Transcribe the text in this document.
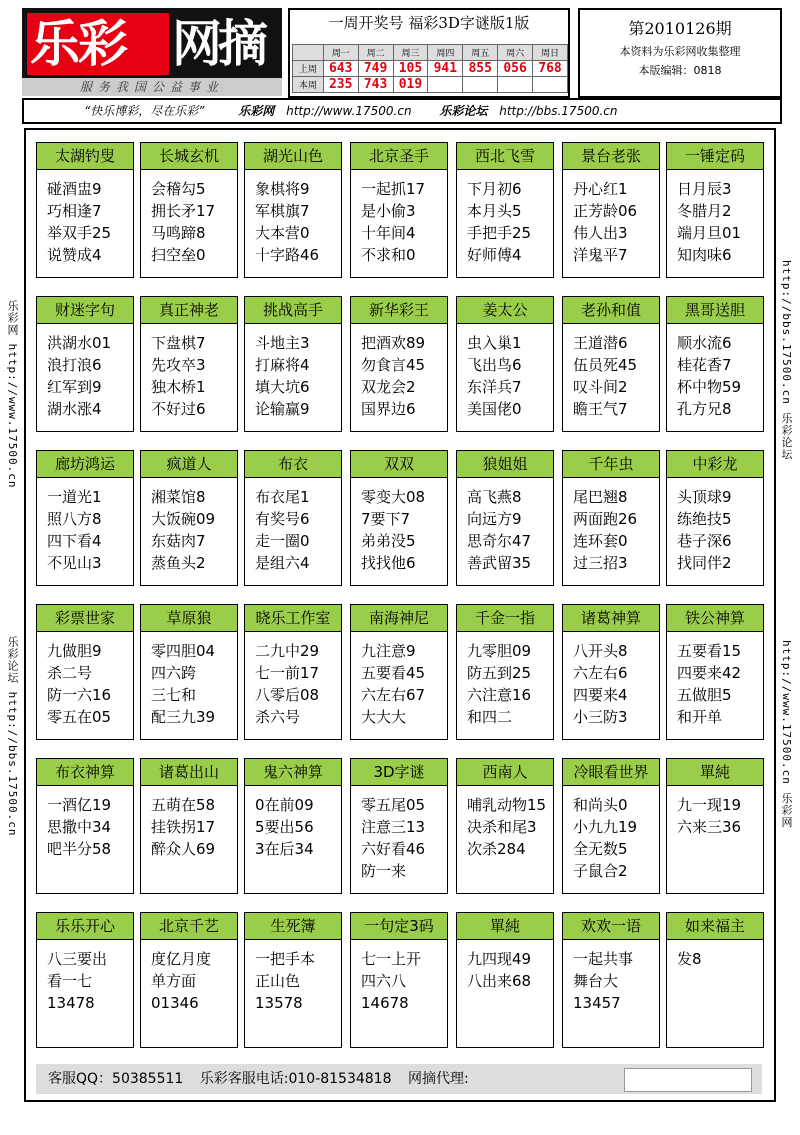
乐彩 网摘
服务我国公益事业
一周开奖号 福彩3D字谜版1版
	周一	周二	周三	周四	周五	周六	周日
上周	643	749	105	941	855	056	768
本周	235	743	019				
第2010126期
本资料为乐彩网收集整理
本版编辑：0818
“快乐博彩，尽在乐彩”	乐彩网 http://www.17500.cn 乐彩论坛 http://bbs.17500.cn
乐彩网 http://www.17500.cn
乐彩论坛 http://bbs.17500.cn
http://bbs.17500.cn 乐彩论坛
http://www.17500.cn 乐彩网
太湖钓叟
碰酒盅9
巧相逢7
举双手25
说赞成4
长城玄机
会稽勾5
拥长矛17
马鸣蹄8
扫空垒0
湖光山色
象棋将9
军棋旗7
大本营0
十字路46
北京圣手
一起抓17
是小偷3
十年间4
不求和0
西北飞雪
下月初6
本月头5
手把手25
好师傅4
景台老张
丹心红1
正芳龄06
伟人出3
洋鬼平7
一锤定码
日月辰3
冬腊月2
端月旦01
知肉味6
财迷字句
洪湖水01
浪打浪6
红军到9
湖水涨4
真正神老
下盘棋7
先攻卒3
独木桥1
不好过6
挑战高手
斗地主3
打麻将4
填大坑6
论输赢9
新华彩王
把酒欢89
勿食言45
双龙会2
国界边6
姜太公
虫入巢1
飞出鸟6
东洋兵7
美国佬0
老孙和值
王道潜6
伍员死45
叹斗间2
瞻王气7
黑哥送胆
顺水流6
桂花香7
杯中物59
孔方兄8
廊坊鸿运
一道光1
照八方8
四下看4
不见山3
疯道人
湘菜馆8
大饭碗09
东菇肉7
蒸鱼头2
布衣
布衣尾1
有奖号6
走一圈0
是组六4
双双
零变大08
7要下7
弟弟没5
找找他6
狼姐姐
高飞燕8
向远方9
思奇尔47
善武留35
千年虫
尾巴翘8
两面跑26
连环套0
过三招3
中彩龙
头顶球9
练绝技5
巷子深6
找同伴2
彩票世家
九做胆9
杀二号
防一六16
零五在05
草原狼
零四胆04
四六跨
三七和
配三九39
晓乐工作室
二九中29
七一前17
八零后08
杀六号
南海神尼
九注意9
五要看45
六左右67
大大大
千金一指
九零胆09
防五到25
六注意16
和四二
诸葛神算
八开头8
六左右6
四要来4
小三防3
铁公神算
五要看15
四要来42
五做胆5
和开单
布衣神算
一酒亿19
思撒中34
吧半分58
诸葛出山
五萌在58
挂铁拐17
醉众人69
鬼六神算
0在前09
5要出56
3在后34
3D字谜
零五尾05
注意三13
六好看46
防一来
西南人
哺乳动物15
决杀和尾3
次杀284
冷眼看世界
和尚头0
小九九19
全无数5
子鼠合2
單純
九一现19
六来三36
乐乐开心
八三要出
看一七
13478
北京千艺
度亿月度
单方面
01346
生死簿
一把手本
正山色
13578
一句定3码
七一上开
四六八
14678
單純
九四现49
八出来68
欢欢一语
一起共事
舞台大
13457
如来福主
发8
客服QQ：50385511 乐彩客服电话:010-81534818 网摘代理:
